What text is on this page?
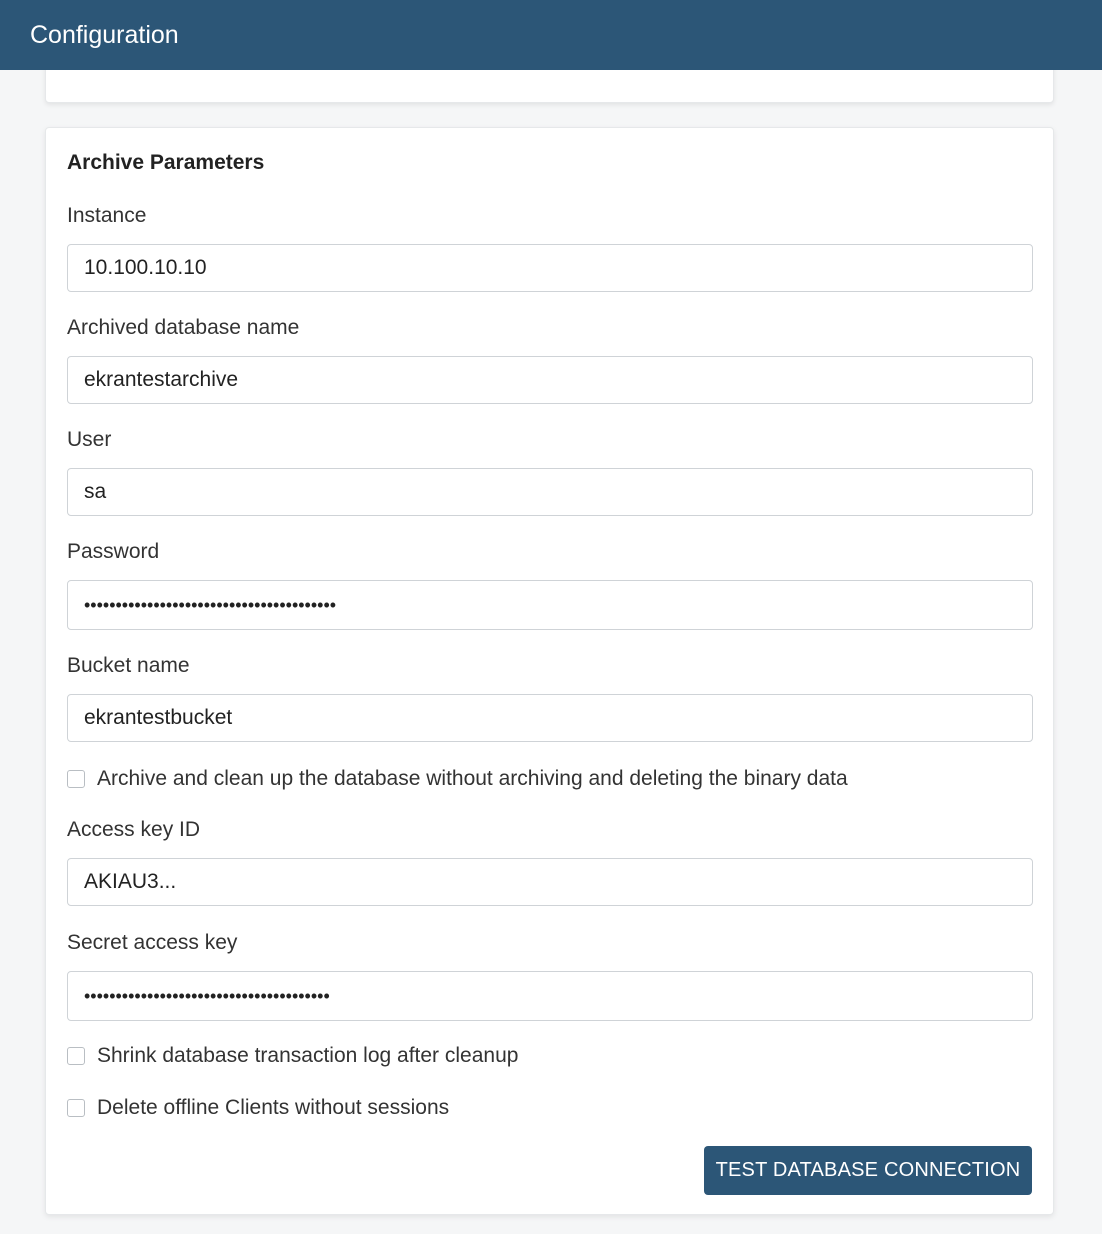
Configuration
Archive Parameters
Instance
10.100.10.10
Archived database name
ekrantestarchive
User
sa
Password
••••••••••••••••••••••••••••••••••••••••
Bucket name
ekrantestbucket
Archive and clean up the database without archiving and deleting the binary data
Access key ID
AKIAU3...
Secret access key
•••••••••••••••••••••••••••••••••••••••
Shrink database transaction log after cleanup
Delete offline Clients without sessions
TEST DATABASE CONNECTION
